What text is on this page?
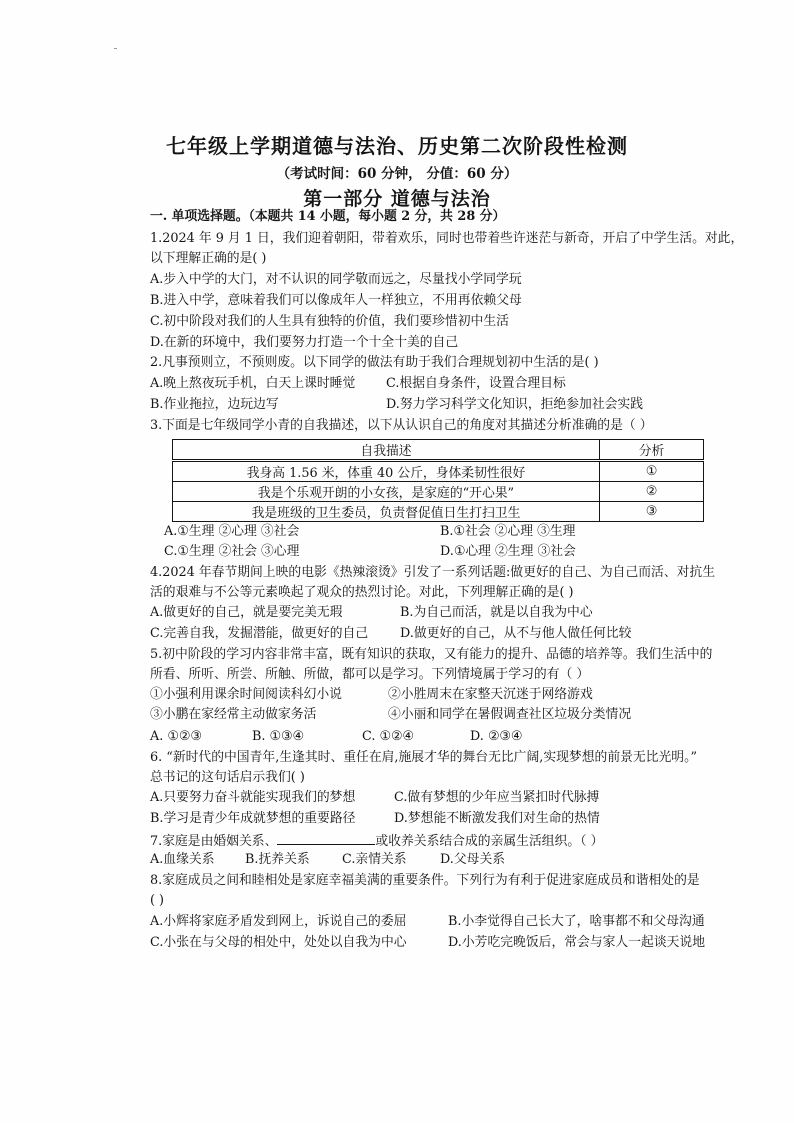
七年级上学期道德与法治、历史第二次阶段性检测
（考试时间：60 分钟， 分值：60 分）
第一部分 道德与法治
一. 单项选择题。（本题共 14 小题，每小题 2 分，共 28 分）
1.2024 年 9 月 1 日，我们迎着朝阳，带着欢乐，同时也带着些许迷茫与新奇，开启了中学生活。对此，
以下理解正确的是( )
A.步入中学的大门，对不认识的同学敬而远之，尽量找小学同学玩
B.进入中学，意味着我们可以像成年人一样独立，不用再依赖父母
C.初中阶段对我们的人生具有独特的价值，我们要珍惜初中生活
D.在新的环境中，我们要努力打造一个十全十美的自己
2.凡事预则立，不预则废。以下同学的做法有助于我们合理规划初中生活的是( )
A.晚上熬夜玩手机，白天上课时睡觉 C.根据自身条件，设置合理目标
B.作业拖拉，边玩边写	D.努力学习科学文化知识，拒绝参加社会实践
3.下面是七年级同学小青的自我描述，以下从认识自己的角度对其描述分析准确的是（ ）
自我描述	分析
我身高 1.56 米，体重 40 公斤，身体柔韧性很好	①
我是个乐观开朗的小女孩，是家庭的“开心果”	②
我是班级的卫生委员，负责督促值日生打扫卫生	③
A.①生理 ②心理 ③社会	B.①社会 ②心理 ③生理
C.①生理 ②社会 ③心理	D.①心理 ②生理 ③社会
4.2024 年春节期间上映的电影《热辣滚烫》引发了一系列话题:做更好的自己、为自己而活、对抗生
活的艰难与不公等元素唤起了观众的热烈讨论。对此，下列理解正确的是( )
A.做更好的自己，就是要完美无瑕	B.为自己而活，就是以自我为中心
C.完善自我，发掘潜能，做更好的自己 D.做更好的自己，从不与他人做任何比较
5.初中阶段的学习内容非常丰富，既有知识的获取，又有能力的提升、品德的培养等。我们生活中的
所看、所听、所尝、所触、所做，都可以是学习。下列情境属于学习的有（ ）
①小强利用课余时间阅读科幻小说	②小胜周末在家整天沉迷于网络游戏
③小鹏在家经常主动做家务活	④小丽和同学在暑假调查社区垃圾分类情况
A. ①②③	B. ①③④	C. ①②④	D. ②③④
6. “新时代的中国青年,生逢其时、重任在肩,施展才华的舞台无比广阔,实现梦想的前景无比光明。”
总书记的这句话启示我们( )
A.只要努力奋斗就能实现我们的梦想	C.做有梦想的少年应当紧扣时代脉搏
B.学习是青少年成就梦想的重要路径	D.梦想能不断激发我们对生命的热情
7.家庭是由婚姻关系、	或收养关系结合成的亲属生活组织。（ ）
A.血缘关系 B.抚养关系	C.亲情关系	D.父母关系
8.家庭成员之间和睦相处是家庭幸福美满的重要条件。下列行为有利于促进家庭成员和谐相处的是
( )
A.小辉将家庭矛盾发到网上，诉说自己的委屈	B.小李觉得自己长大了，啥事都不和父母沟通
C.小张在与父母的相处中，处处以自我为中心	D.小芳吃完晚饭后，常会与家人一起谈天说地
